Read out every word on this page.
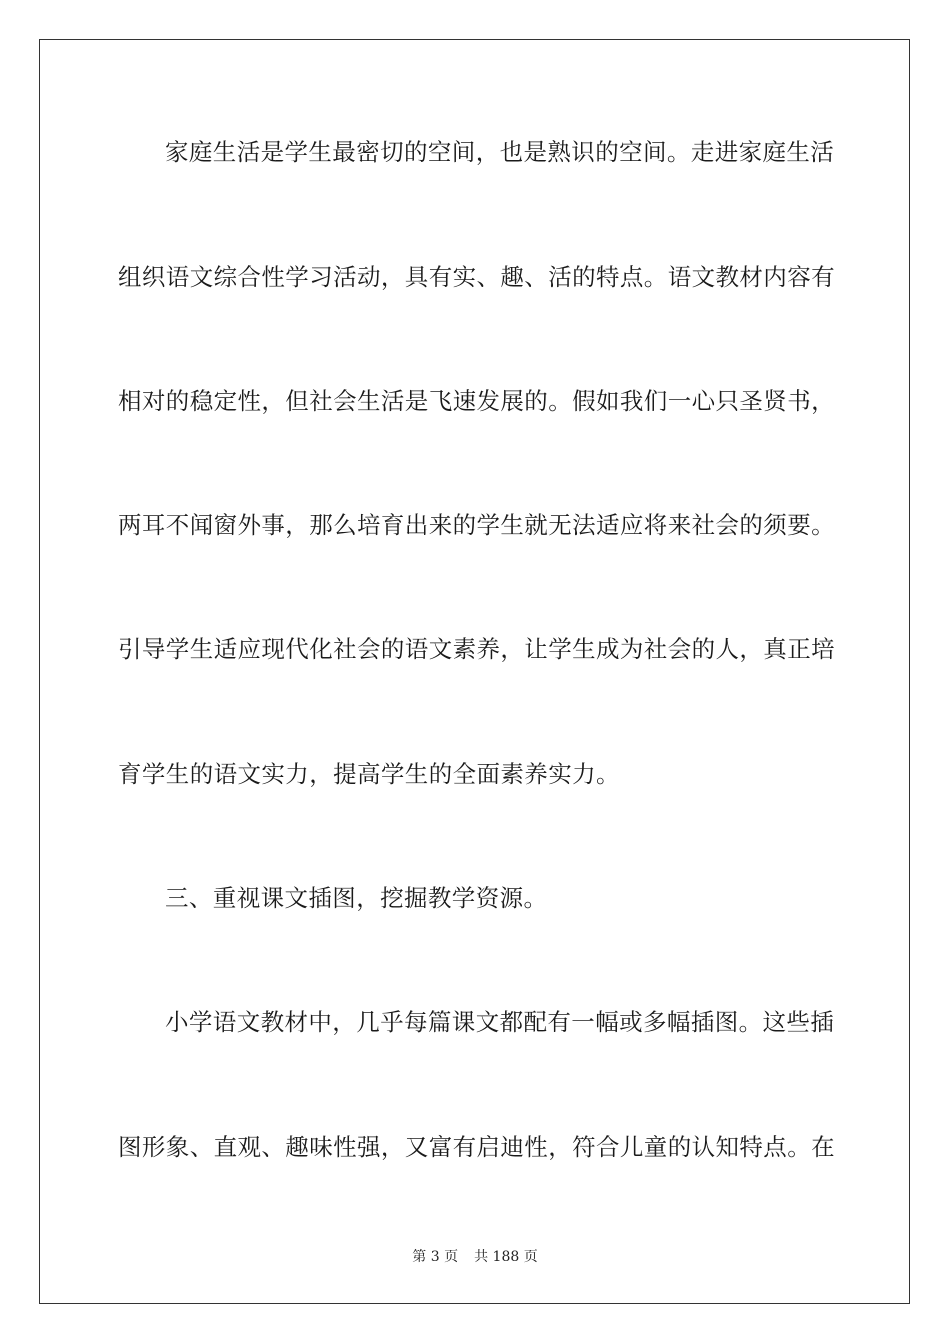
家庭生活是学生最密切的空间，也是熟识的空间。走进家庭生活
组织语文综合性学习活动，具有实、趣、活的特点。语文教材内容有
相对的稳定性，但社会生活是飞速发展的。假如我们一心只圣贤书，
两耳不闻窗外事，那么培育出来的学生就无法适应将来社会的须要。
引导学生适应现代化社会的语文素养，让学生成为社会的人，真正培
育学生的语文实力，提高学生的全面素养实力。
三、重视课文插图，挖掘教学资源。
小学语文教材中，几乎每篇课文都配有一幅或多幅插图。这些插
图形象、直观、趣味性强，又富有启迪性，符合儿童的认知特点。在
第 3 页 共 188 页
